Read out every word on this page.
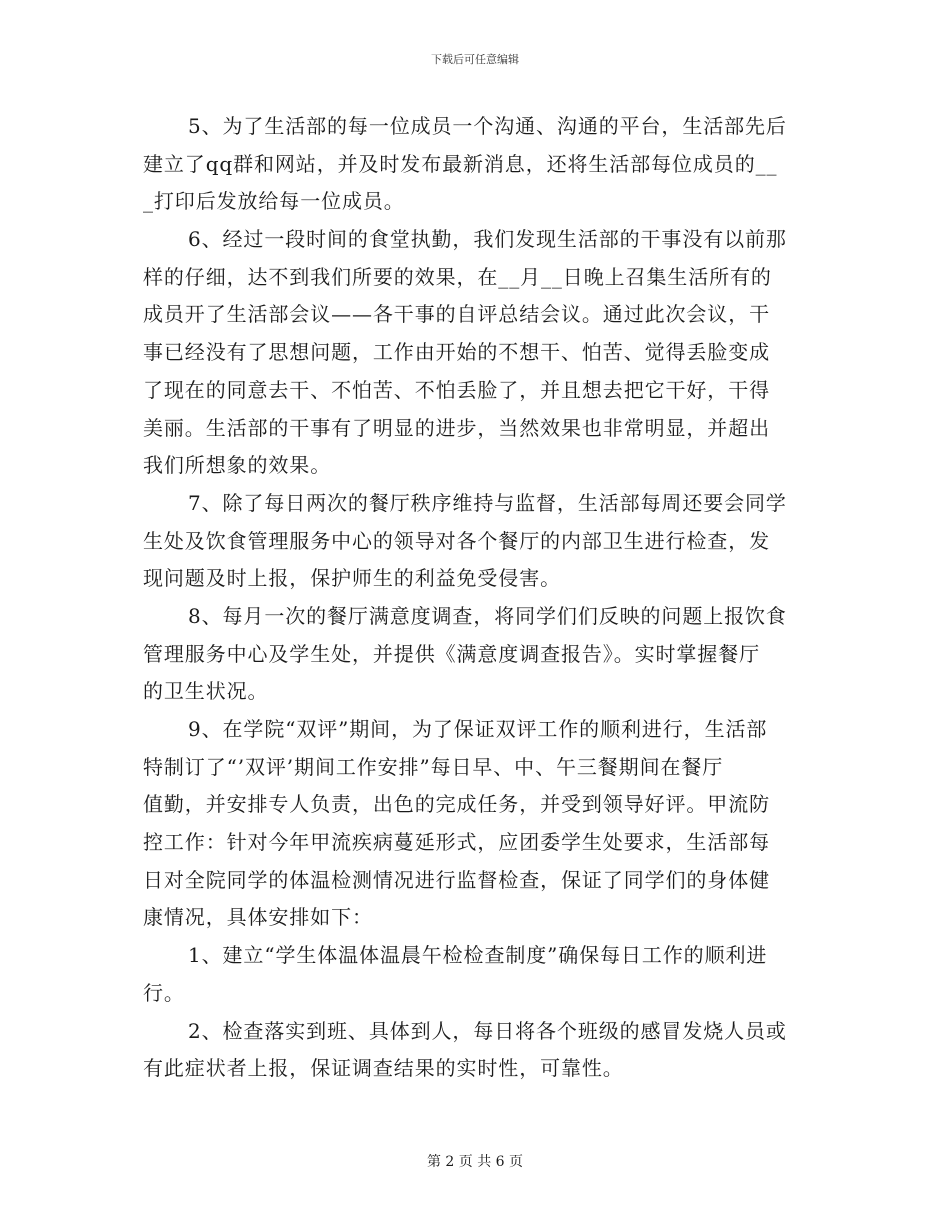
下载后可任意编辑
5、为了生活部的每一位成员一个沟通、沟通的平台，生活部先后
建立了qq群和网站，并及时发布最新消息，还将生活部每位成员的__
_打印后发放给每一位成员。
6、经过一段时间的食堂执勤，我们发现生活部的干事没有以前那
样的仔细，达不到我们所要的效果，在__月__日晚上召集生活所有的
成员开了生活部会议——各干事的自评总结会议。通过此次会议，干
事已经没有了思想问题，工作由开始的不想干、怕苦、觉得丢脸变成
了现在的同意去干、不怕苦、不怕丢脸了，并且想去把它干好，干得
美丽。生活部的干事有了明显的进步，当然效果也非常明显，并超出
我们所想象的效果。
7、除了每日两次的餐厅秩序维持与监督，生活部每周还要会同学
生处及饮食管理服务中心的领导对各个餐厅的内部卫生进行检查，发
现问题及时上报，保护师生的利益免受侵害。
8、每月一次的餐厅满意度调查，将同学们们反映的问题上报饮食
管理服务中心及学生处，并提供《满意度调查报告》。实时掌握餐厅
的卫生状况。
9、在学院“双评”期间，为了保证双评工作的顺利进行，生活部
特制订了“’双评’期间工作安排”每日早、中、午三餐期间在餐厅
值勤，并安排专人负责，出色的完成任务，并受到领导好评。甲流防
控工作：针对今年甲流疾病蔓延形式，应团委学生处要求，生活部每
日对全院同学的体温检测情况进行监督检查，保证了同学们的身体健
康情况，具体安排如下：
1、建立“学生体温体温晨午检检查制度”确保每日工作的顺利进
行。
2、检查落实到班、具体到人，每日将各个班级的感冒发烧人员或
有此症状者上报，保证调查结果的实时性，可靠性。
第 2 页 共 6 页
